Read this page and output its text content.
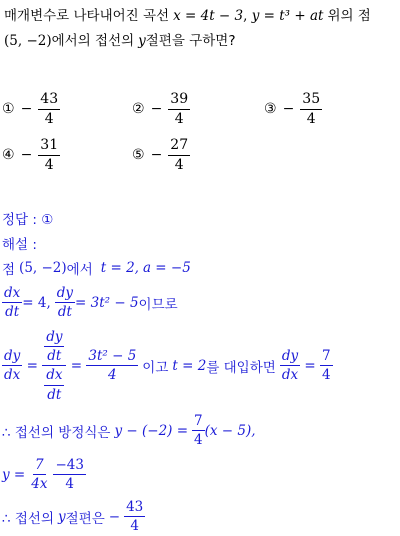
매개변수로 나타내어진 곡선 x = 4t − 3 , y = t³ + at 위의 점
(5, −2) 에서의 접선의 y 절편을 구하면?
① − $\frac{43}{4}$	② − $\frac{39}{4}$	③ − $\frac{35}{4}$
④ − $\frac{31}{4}$	⑤ − $\frac{27}{4}$
정답 : ①
해설 :
점 (5, −2) 에서 t = 2, a = −5
$\frac{dx}{dt} = 4$, $\frac{dy}{dt} = 3t^2 - 5$ 이므로
$\frac{dy}{dx} = \frac{\frac{dy}{dt}}{\frac{dx}{dt}} = \frac{\text{3t² − 5}}{4}$ 이고 t = 2 를 대입하면 $\frac{dy}{dx} = \frac{7}{4}$
∴ 접선의 방정식은 $y - (-2) = \frac{7}{4} (x - 5)$,
$y = \frac{7}{4x} \frac{-43}{4}$
∴ 접선의 y 절편은 − $\frac{43}{4}$
